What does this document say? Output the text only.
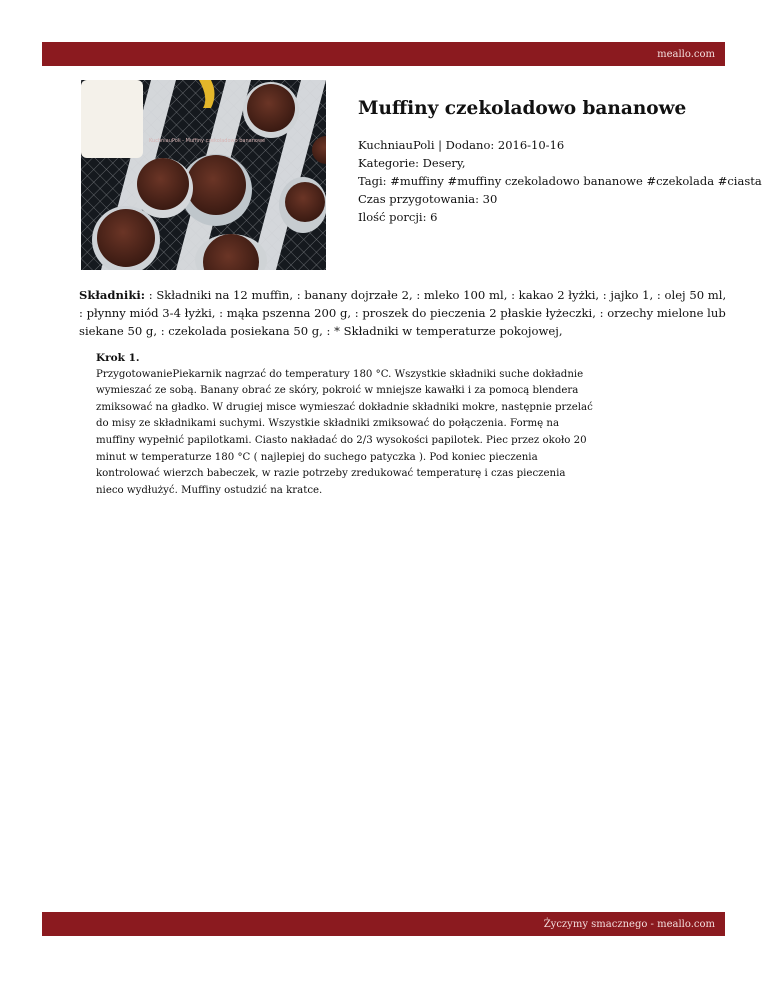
meallo.com
KuchniauPoli - Muffiny czekoladowo bananowe
Muffiny czekoladowo bananowe
KuchniauPoli | Dodano: 2016-10-16
Kategorie: Desery,
Tagi: #muffiny #muffiny czekoladowo bananowe #czekolada #ciasta
Czas przygotowania: 30
Ilość porcji: 6

Składniki: : Składniki na 12 muffin, : banany dojrzałe 2, : mleko 100 ml, : kakao 2 łyżki, : jajko 1, : olej 50 ml, : płynny miód 3-4 łyżki, : mąka pszenna 200 g, : proszek do pieczenia 2 płaskie łyżeczki, : orzechy mielone lub siekane 50 g, : czekolada posiekana 50 g, : * Składniki w temperaturze pokojowej,

Krok 1.
PrzygotowaniePiekarnik nagrzać do temperatury 180 °C. Wszystkie składniki suche dokładnie wymieszać ze sobą. Banany obrać ze skóry, pokroić w mniejsze kawałki i za pomocą blendera zmiksować na gładko. W drugiej misce wymieszać dokładnie składniki mokre, następnie przelać do misy ze składnikami suchymi. Wszystkie składniki zmiksować do połączenia. Formę na muffiny wypełnić papilotkami. Ciasto nakładać do 2/3 wysokości papilotek. Piec przez około 20 minut w temperaturze 180 °C ( najlepiej do suchego patyczka ). Pod koniec pieczenia kontrolować wierzch babeczek, w razie potrzeby zredukować temperaturę i czas pieczenia nieco wydłużyć. Muffiny ostudzić na kratce.
Życzymy smacznego - meallo.com
